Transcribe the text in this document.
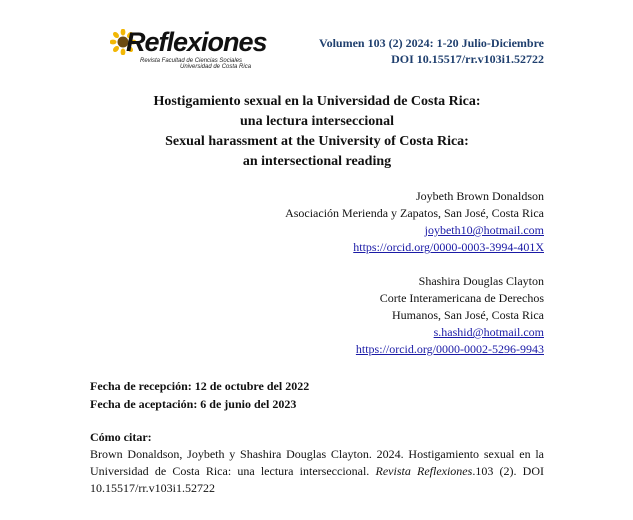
Reflexiones
Revista Facultad de Ciencias Sociales
Universidad de Costa Rica
Volumen 103 (2) 2024: 1-20 Julio-Diciembre
DOI 10.15517/rr.v103i1.52722
Hostigamiento sexual en la Universidad de Costa Rica:
una lectura interseccional
Sexual harassment at the University of Costa Rica:
an intersectional reading
Joybeth Brown Donaldson
Asociación Merienda y Zapatos, San José, Costa Rica
joybeth10@hotmail.com
https://orcid.org/0000-0003-3994-401X
Shashira Douglas Clayton
Corte Interamericana de Derechos
Humanos, San José, Costa Rica
s.hashid@hotmail.com
https://orcid.org/0000-0002-5296-9943
Fecha de recepción: 12 de octubre del 2022
Fecha de aceptación: 6 de junio del 2023
Cómo citar:
Brown Donaldson, Joybeth y Shashira Douglas Clayton. 2024. Hostigamiento sexual en la Universidad de Costa Rica: una lectura interseccional. Revista Reflexiones.103 (2). DOI 10.15517/rr.v103i1.52722
